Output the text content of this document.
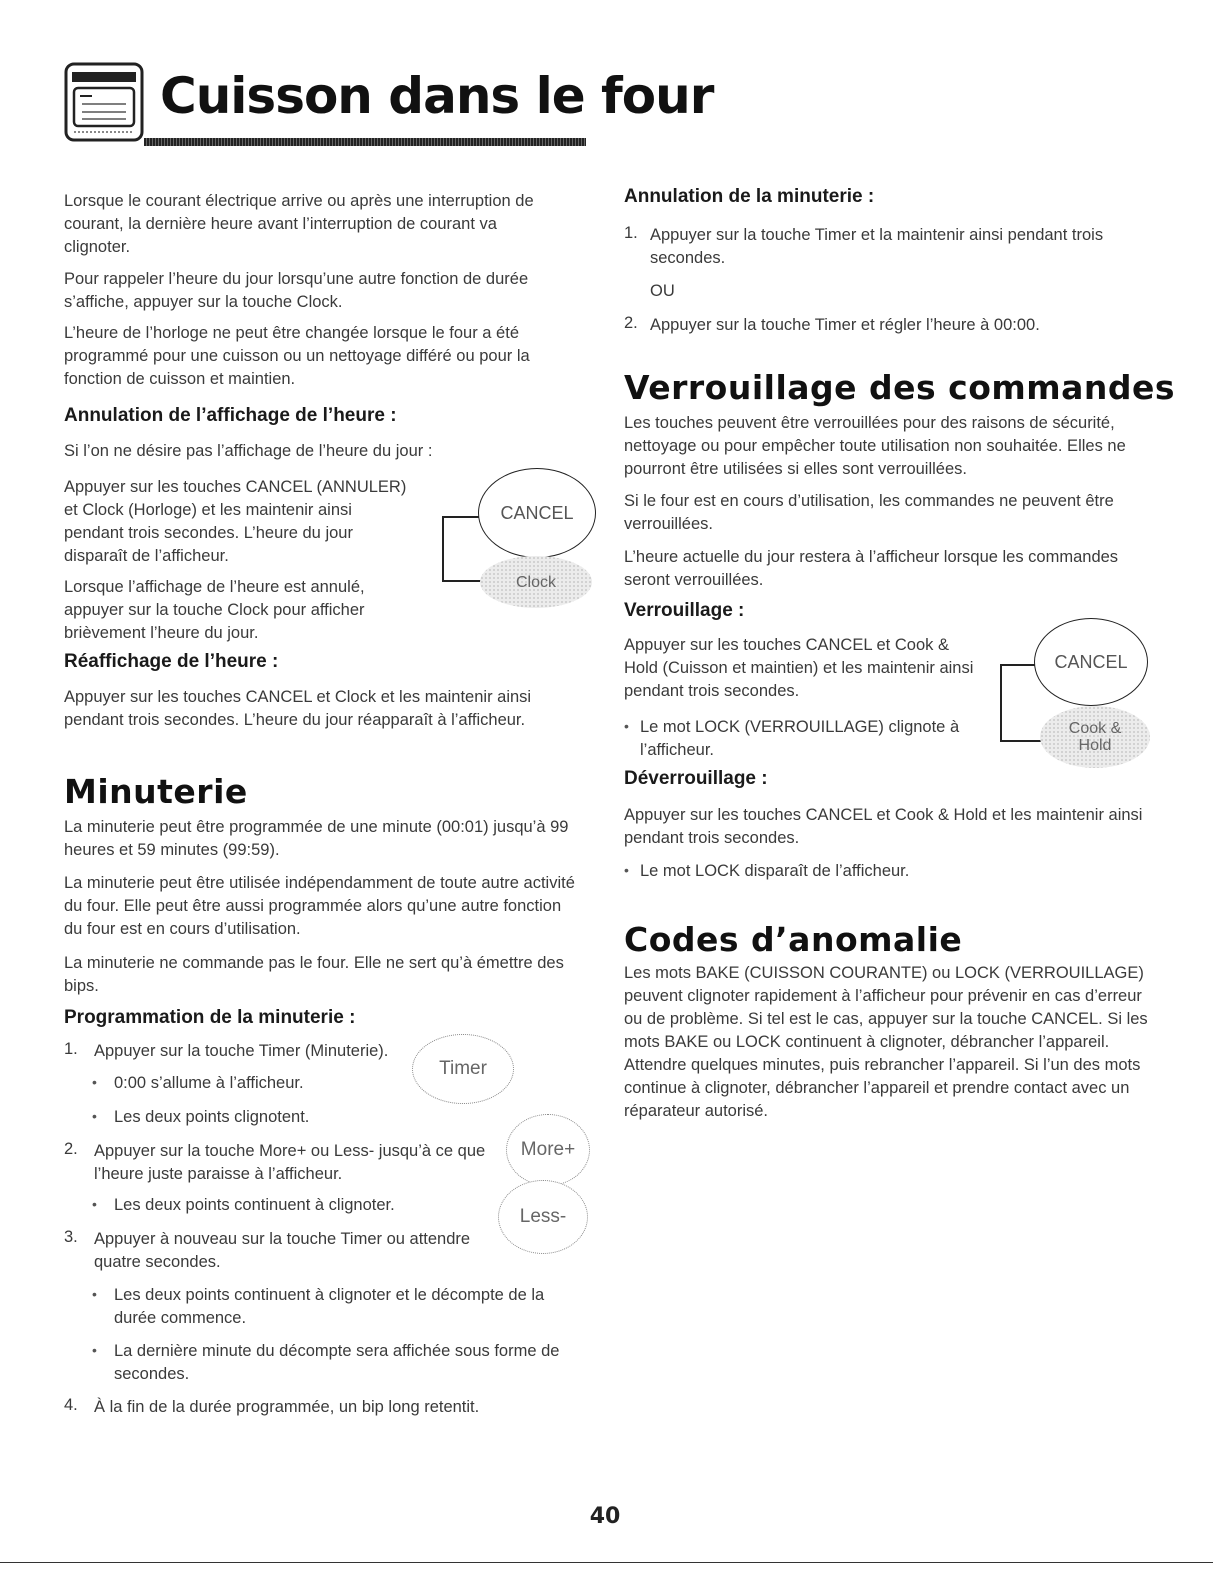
Cuisson dans le four

Lorsque le courant électrique arrive ou après une interruption de courant, la dernière heure avant l’interruption de courant va clignoter.

Pour rappeler l’heure du jour lorsqu’une autre fonction de durée s’affiche, appuyer sur la touche Clock.

L’heure de l’horloge ne peut être changée lorsque le four a été programmé pour une cuisson ou un nettoyage différé ou pour la fonction de cuisson et maintien.

Annulation de l’affichage de l’heure :

Si l’on ne désire pas l’affichage de l’heure du jour :

Appuyer sur les touches CANCEL (ANNULER) et Clock (Horloge) et les maintenir ainsi pendant trois secondes. L’heure du jour disparaît de l’afficheur.

Lorsque l’affichage de l’heure est annulé, appuyer sur la touche Clock pour afficher brièvement l’heure du jour.

CANCEL
Clock
Réaffichage de l’heure :

Appuyer sur les touches CANCEL et Clock et les maintenir ainsi pendant trois secondes. L’heure du jour réapparaît à l’afficheur.

Minuterie

La minuterie peut être programmée de une minute (00:01) jusqu’à 99 heures et 59 minutes (99:59).

La minuterie peut être utilisée indépendamment de toute autre activité du four. Elle peut être aussi programmée alors qu’une autre fonction du four est en cours d’utilisation.

La minuterie ne commande pas le four. Elle ne sert qu’à émettre des bips.

Programmation de la minuterie :
1. Appuyer sur la touche Timer (Minuterie).

• 0:00 s’allume à l’afficheur.

• Les deux points clignotent.

2. Appuyer sur la touche More+ ou Less- jusqu’à ce que l’heure juste paraisse à l’afficheur.

• Les deux points continuent à clignoter.

3. Appuyer à nouveau sur la touche Timer ou attendre quatre secondes.

• Les deux points continuent à clignoter et le décompte de la durée commence.

• La dernière minute du décompte sera affichée sous forme de secondes.

4. À la fin de la durée programmée, un bip long retentit.

Timer
More+
Less-
Annulation de la minuterie :
1. Appuyer sur la touche Timer et la maintenir ainsi pendant trois secondes.

OU

2. Appuyer sur la touche Timer et régler l’heure à 00:00.

Verrouillage des commandes

Les touches peuvent être verrouillées pour des raisons de sécurité, nettoyage ou pour empêcher toute utilisation non souhaitée. Elles ne pourront être utilisées si elles sont verrouillées.

Si le four est en cours d’utilisation, les commandes ne peuvent être verrouillées.

L’heure actuelle du jour restera à l’afficheur lorsque les commandes seront verrouillées.

Verrouillage :

Appuyer sur les touches CANCEL et Cook & Hold (Cuisson et maintien) et les maintenir ainsi pendant trois secondes.

• Le mot LOCK (VERROUILLAGE) clignote à l’afficheur.

CANCEL
Cook & Hold
Déverrouillage :

Appuyer sur les touches CANCEL et Cook & Hold et les maintenir ainsi pendant trois secondes.

• Le mot LOCK disparaît de l’afficheur.

Codes d’anomalie

Les mots BAKE (CUISSON COURANTE) ou LOCK (VERROUILLAGE) peuvent clignoter rapidement à l’afficheur pour prévenir en cas d’erreur ou de problème. Si tel est le cas, appuyer sur la touche CANCEL. Si les mots BAKE ou LOCK continuent à clignoter, débrancher l’appareil. Attendre quelques minutes, puis rebrancher l’appareil. Si l’un des mots continue à clignoter, débrancher l’appareil et prendre contact avec un réparateur autorisé.

40
